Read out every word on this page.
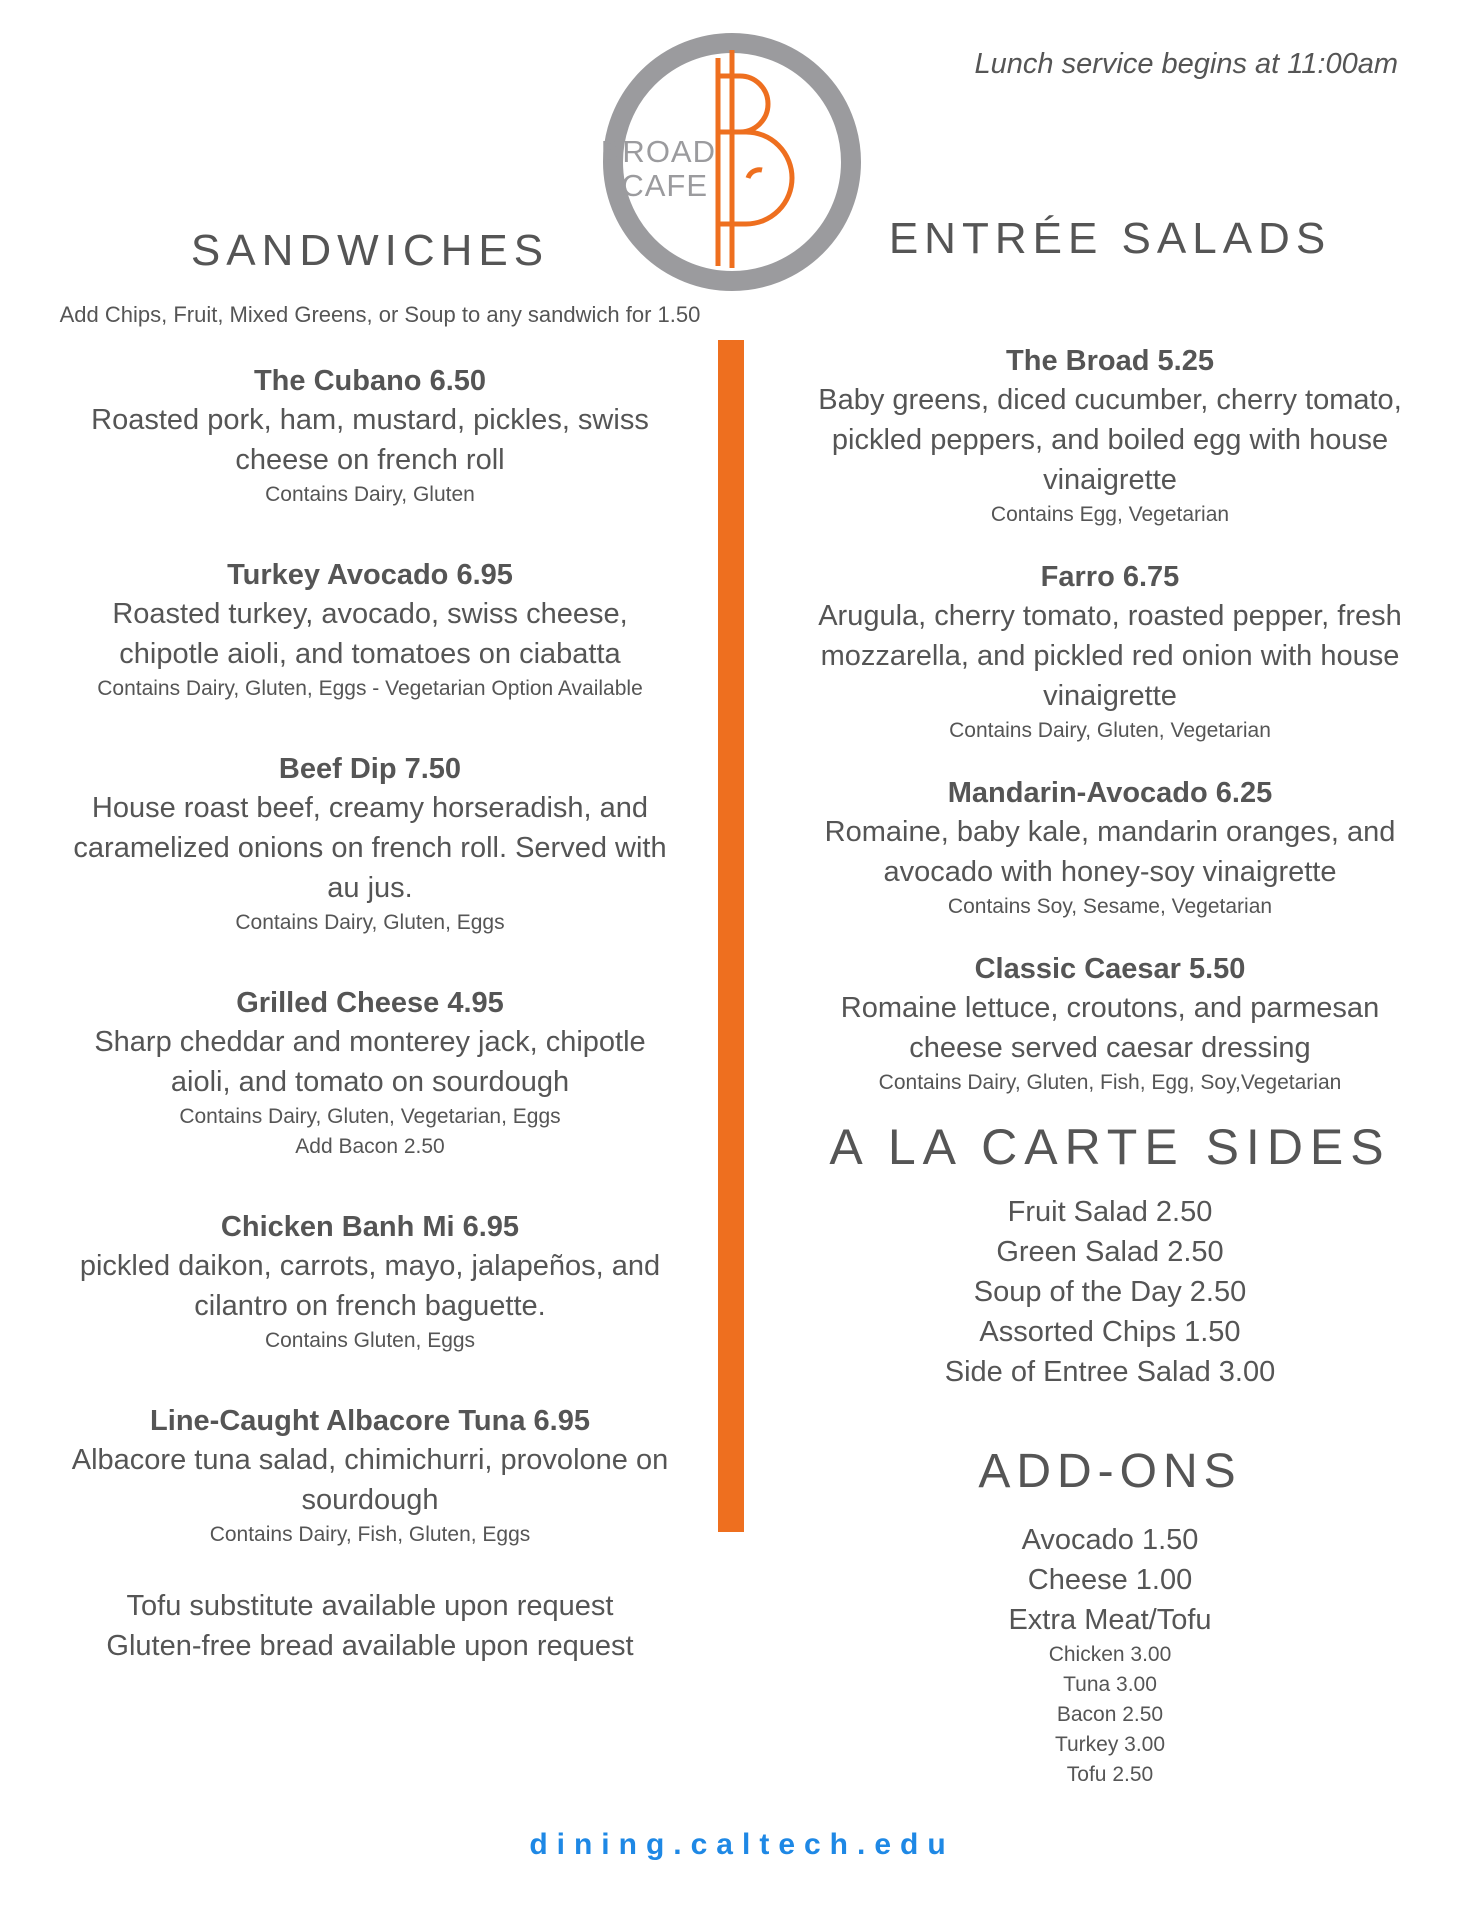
Lunch service begins at 11:00am
BROAD
CAFE
SANDWICHES
Add Chips, Fruit, Mixed Greens, or Soup to any sandwich for 1.50
The Cubano 6.50
Roasted pork, ham, mustard, pickles, swiss
cheese on french roll
Contains Dairy, Gluten
Turkey Avocado 6.95
Roasted turkey, avocado, swiss cheese,
chipotle aioli, and tomatoes on ciabatta
Contains Dairy, Gluten, Eggs - Vegetarian Option Available
Beef Dip 7.50
House roast beef, creamy horseradish, and
caramelized onions on french roll. Served with
au jus.
Contains Dairy, Gluten, Eggs
Grilled Cheese 4.95
Sharp cheddar and monterey jack, chipotle
aioli, and tomato on sourdough
Contains Dairy, Gluten, Vegetarian, Eggs
Add Bacon 2.50
Chicken Banh Mi 6.95
pickled daikon, carrots, mayo, jalapeños, and
cilantro on french baguette.
Contains Gluten, Eggs
Line-Caught Albacore Tuna 6.95
Albacore tuna salad, chimichurri, provolone on
sourdough
Contains Dairy, Fish, Gluten, Eggs
Tofu substitute available upon request
Gluten-free bread available upon request
ENTRÉE SALADS
The Broad 5.25
Baby greens, diced cucumber, cherry tomato,
pickled peppers, and boiled egg with house
vinaigrette
Contains Egg, Vegetarian
Farro 6.75
Arugula, cherry tomato, roasted pepper, fresh
mozzarella, and pickled red onion with house
vinaigrette
Contains Dairy, Gluten, Vegetarian
Mandarin-Avocado 6.25
Romaine, baby kale, mandarin oranges, and
avocado with honey-soy vinaigrette
Contains Soy, Sesame, Vegetarian
Classic Caesar 5.50
Romaine lettuce, croutons, and parmesan
cheese served caesar dressing
Contains Dairy, Gluten, Fish, Egg, Soy,Vegetarian
A LA CARTE SIDES
Fruit Salad 2.50
Green Salad 2.50
Soup of the Day 2.50
Assorted Chips 1.50
Side of Entree Salad 3.00
ADD-ONS
Avocado 1.50
Cheese 1.00
Extra Meat/Tofu
Chicken 3.00
Tuna 3.00
Bacon 2.50
Turkey 3.00
Tofu 2.50
dining.caltech.edu
